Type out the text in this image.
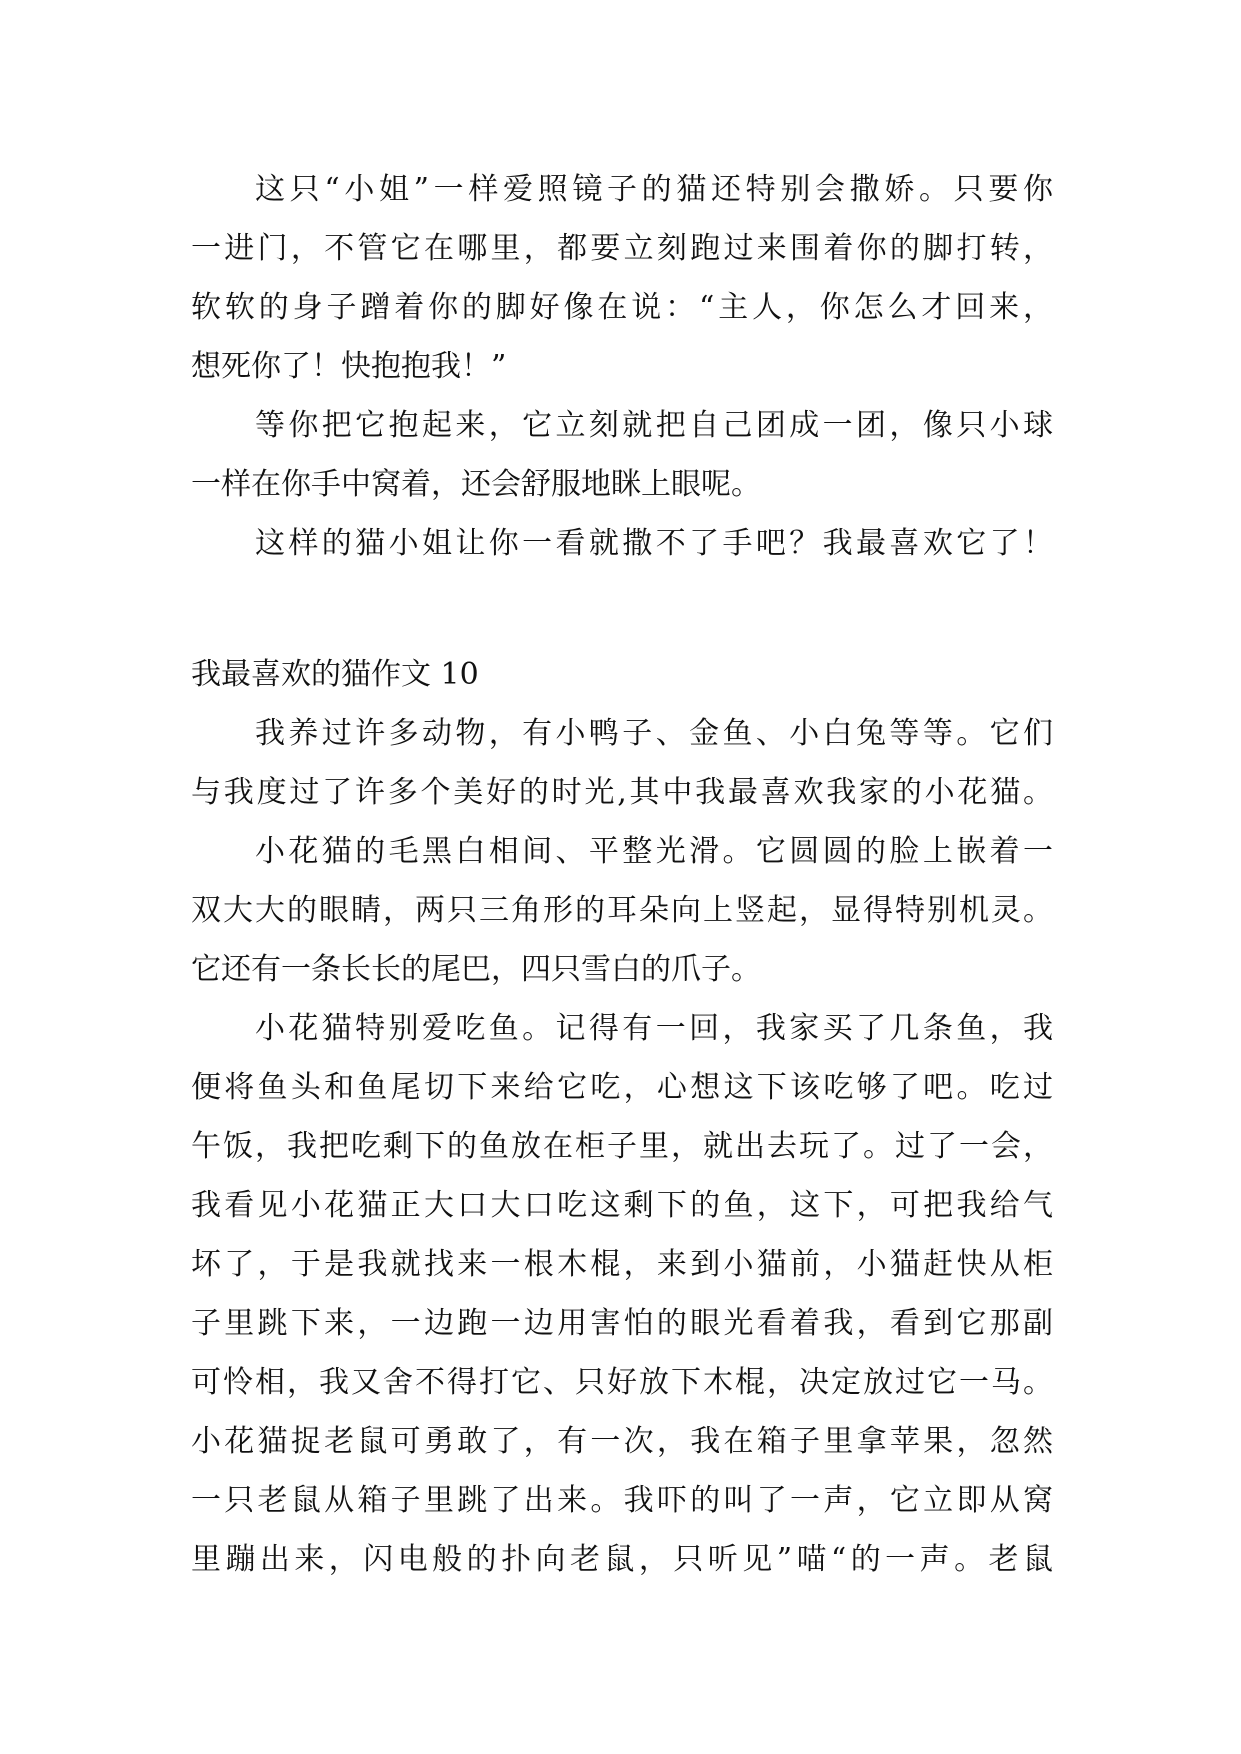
这只“小姐”一样爱照镜子的猫还特别会撒娇。只要你
一进门，不管它在哪里，都要立刻跑过来围着你的脚打转，
软软的身子蹭着你的脚好像在说：“主人，你怎么才回来，
想死你了！快抱抱我！”
等你把它抱起来，它立刻就把自己团成一团，像只小球
一样在你手中窝着，还会舒服地眯上眼呢。
这样的猫小姐让你一看就撒不了手吧？我最喜欢它了！
我最喜欢的猫作文 10
我养过许多动物，有小鸭子、金鱼、小白兔等等。它们
与我度过了许多个美好的时光,其中我最喜欢我家的小花猫。
小花猫的毛黑白相间、平整光滑。它圆圆的脸上嵌着一
双大大的眼睛，两只三角形的耳朵向上竖起，显得特别机灵。
它还有一条长长的尾巴，四只雪白的爪子。
小花猫特别爱吃鱼。记得有一回，我家买了几条鱼，我
便将鱼头和鱼尾切下来给它吃，心想这下该吃够了吧。吃过
午饭，我把吃剩下的鱼放在柜子里，就出去玩了。过了一会，
我看见小花猫正大口大口吃这剩下的鱼，这下，可把我给气
坏了，于是我就找来一根木棍，来到小猫前，小猫赶快从柜
子里跳下来，一边跑一边用害怕的眼光看着我，看到它那副
可怜相，我又舍不得打它、只好放下木棍，决定放过它一马。
小花猫捉老鼠可勇敢了，有一次，我在箱子里拿苹果，忽然
一只老鼠从箱子里跳了出来。我吓的叫了一声，它立即从窝
里蹦出来，闪电般的扑向老鼠，只听见”喵“的一声。老鼠
